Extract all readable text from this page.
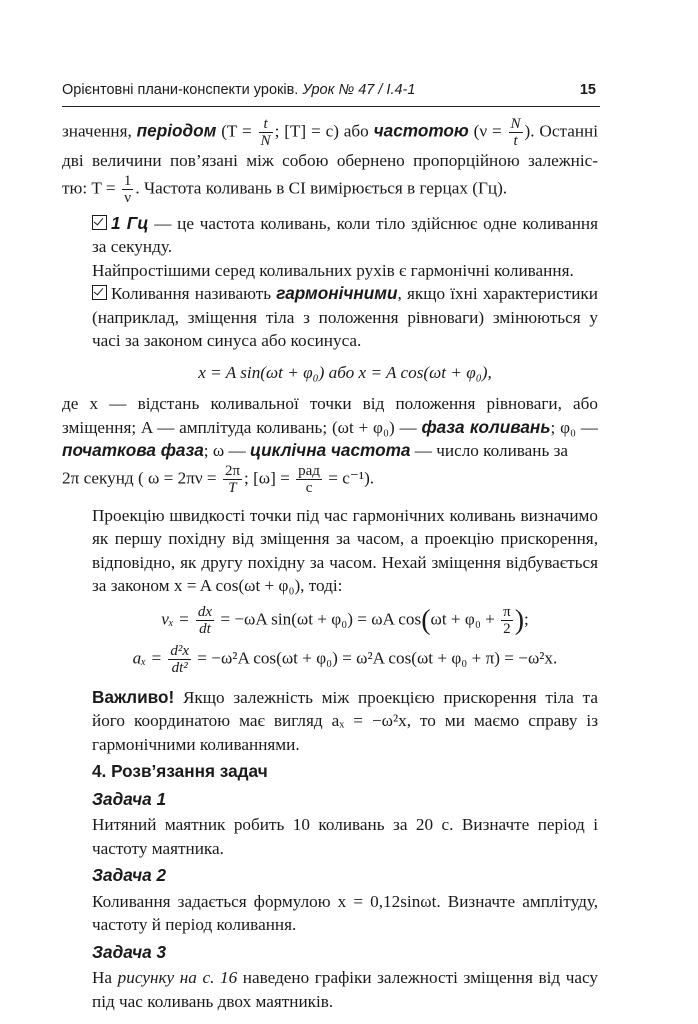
Орієнтовні плани-конспекти уроків. Урок № 47 / І.4-1	15

значення, періодом ($T = \frac{t}{N}$ ; [T] = c) або частотою ($\nu = \frac{N}{t}$ ). Останні дві величини пов’язані між собою обернено пропорційною залежніс- тю: $T = \frac{1}{\nu}$ . Частота коливань в СІ вимірюється в герцах (Гц).

1 Гц — це частота коливань, коли тіло здійснює одне коливання за секунду.

Найпростішими серед коливальних рухів є гармонічні коливання.

Коливання називають гармонічними, якщо їхні характеристики (наприклад, зміщення тіла з положення рівноваги) змінюються у часі за законом синуса або косинуса.

x = A sin(ωt + φ₀) або x = A cos(ωt + φ₀),

де x — відстань коливальної точки від положення рівноваги, або зміщення; A — амплітуда коливань; (ωt + φ₀) — фаза коливань; φ₀ — початкова фаза; ω — циклічна частота — число коливань за
2π секунд ( $\omega = 2\pi\nu = \frac{2\pi}{T}$ ; $[\omega] = \frac{\text{рад}}{с} = с^{-1}$).

Проекцію швидкості точки під час гармонічних коливань визначимо як першу похідну від зміщення за часом, а проекцію прискорення, відповідно, як другу похідну за часом. Нехай зміщення відбувається за законом x = A cos(ωt + φ₀), тоді:

$v_x = \frac{dx}{dt} = -\omega A$ sin(ωt + φ₀) = ωA $\cos(\omega t + \varphi_0 + \frac{\pi}{2}$ );

$a_x = \frac{\text{d²x}}{\text{dt²}} = -\omega^2A$ cos(ωt + φ₀) = ω²A cos(ωt + φ₀ + π) = −ω²x.

Важливо! Якщо залежність між проекцією прискорення тіла та його координатою має вигляд aₓ = −ω²x, то ми маємо справу із гармонічними коливаннями.

4. Розв’язання задач

Задача 1

Нитяний маятник робить 10 коливань за 20 с. Визначте період і частоту маятника.

Задача 2

Коливання задається формулою x = 0,12sinωt. Визначте амплітуду, частоту й період коливання.

Задача 3

На рисунку на с. 16 наведено графіки залежності зміщення від часу під час коливань двох маятників.
